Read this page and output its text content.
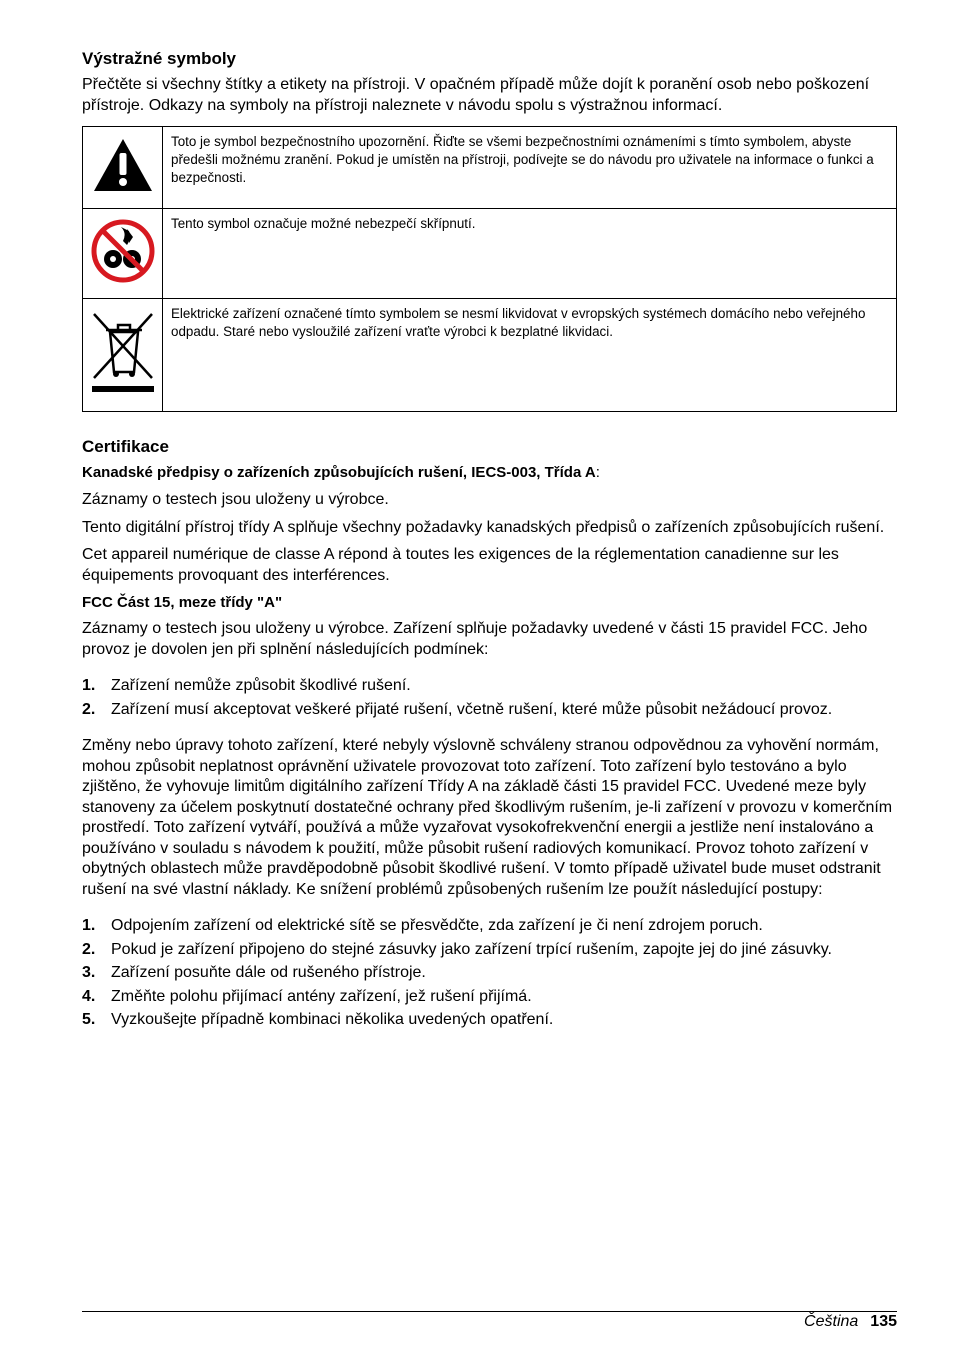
Výstražné symboly

Přečtěte si všechny štítky a etikety na přístroji. V opačném případě může dojít k poranění osob nebo poškození přístroje. Odkazy na symboly na přístroji naleznete v návodu spolu s výstražnou informací.

	Toto je symbol bezpečnostního upozornění. Řiďte se všemi bezpečnostními oznámeními s tímto symbolem, abyste předešli možnému zranění. Pokud je umístěn na přístroji, podívejte se do návodu pro uživatele na informace o funkci a bezpečnosti.
	Tento symbol označuje možné nebezpečí skřípnutí.
	Elektrické zařízení označené tímto symbolem se nesmí likvidovat v evropských systémech domácího nebo veřejného odpadu. Staré nebo vysloužilé zařízení vraťte výrobci k bezplatné likvidaci.
Certifikace
Kanadské předpisy o zařízeních způsobujících rušení, IECS-003, Třída A:

Záznamy o testech jsou uloženy u výrobce.

Tento digitální přístroj třídy A splňuje všechny požadavky kanadských předpisů o zařízeních způsobujících rušení.

Cet appareil numérique de classe A répond à toutes les exigences de la réglementation canadienne sur les équipements provoquant des interférences.

FCC Část 15, meze třídy "A"

Záznamy o testech jsou uloženy u výrobce. Zařízení splňuje požadavky uvedené v části 15 pravidel FCC. Jeho provoz je dovolen jen při splnění následujících podmínek:

1. Zařízení nemůže způsobit škodlivé rušení.
2. Zařízení musí akceptovat veškeré přijaté rušení, včetně rušení, které může působit nežádoucí provoz.

Změny nebo úpravy tohoto zařízení, které nebyly výslovně schváleny stranou odpovědnou za vyhovění normám, mohou způsobit neplatnost oprávnění uživatele provozovat toto zařízení. Toto zařízení bylo testováno a bylo zjištěno, že vyhovuje limitům digitálního zařízení Třídy A na základě části 15 pravidel FCC. Uvedené meze byly stanoveny za účelem poskytnutí dostatečné ochrany před škodlivým rušením, je-li zařízení v provozu v komerčním prostředí. Toto zařízení vytváří, používá a může vyzařovat vysokofrekvenční energii a jestliže není instalováno a používáno v souladu s návodem k použití, může působit rušení radiových komunikací. Provoz tohoto zařízení v obytných oblastech může pravděpodobně působit škodlivé rušení. V tomto případě uživatel bude muset odstranit rušení na své vlastní náklady. Ke snížení problémů způsobených rušením lze použít následující postupy:

1. Odpojením zařízení od elektrické sítě se přesvědčte, zda zařízení je či není zdrojem poruch.
2. Pokud je zařízení připojeno do stejné zásuvky jako zařízení trpící rušením, zapojte jej do jiné zásuvky.
3. Zařízení posuňte dále od rušeného přístroje.
4. Změňte polohu přijímací antény zařízení, jež rušení přijímá.
5. Vyzkoušejte případně kombinaci několika uvedených opatření.
Čeština 135
